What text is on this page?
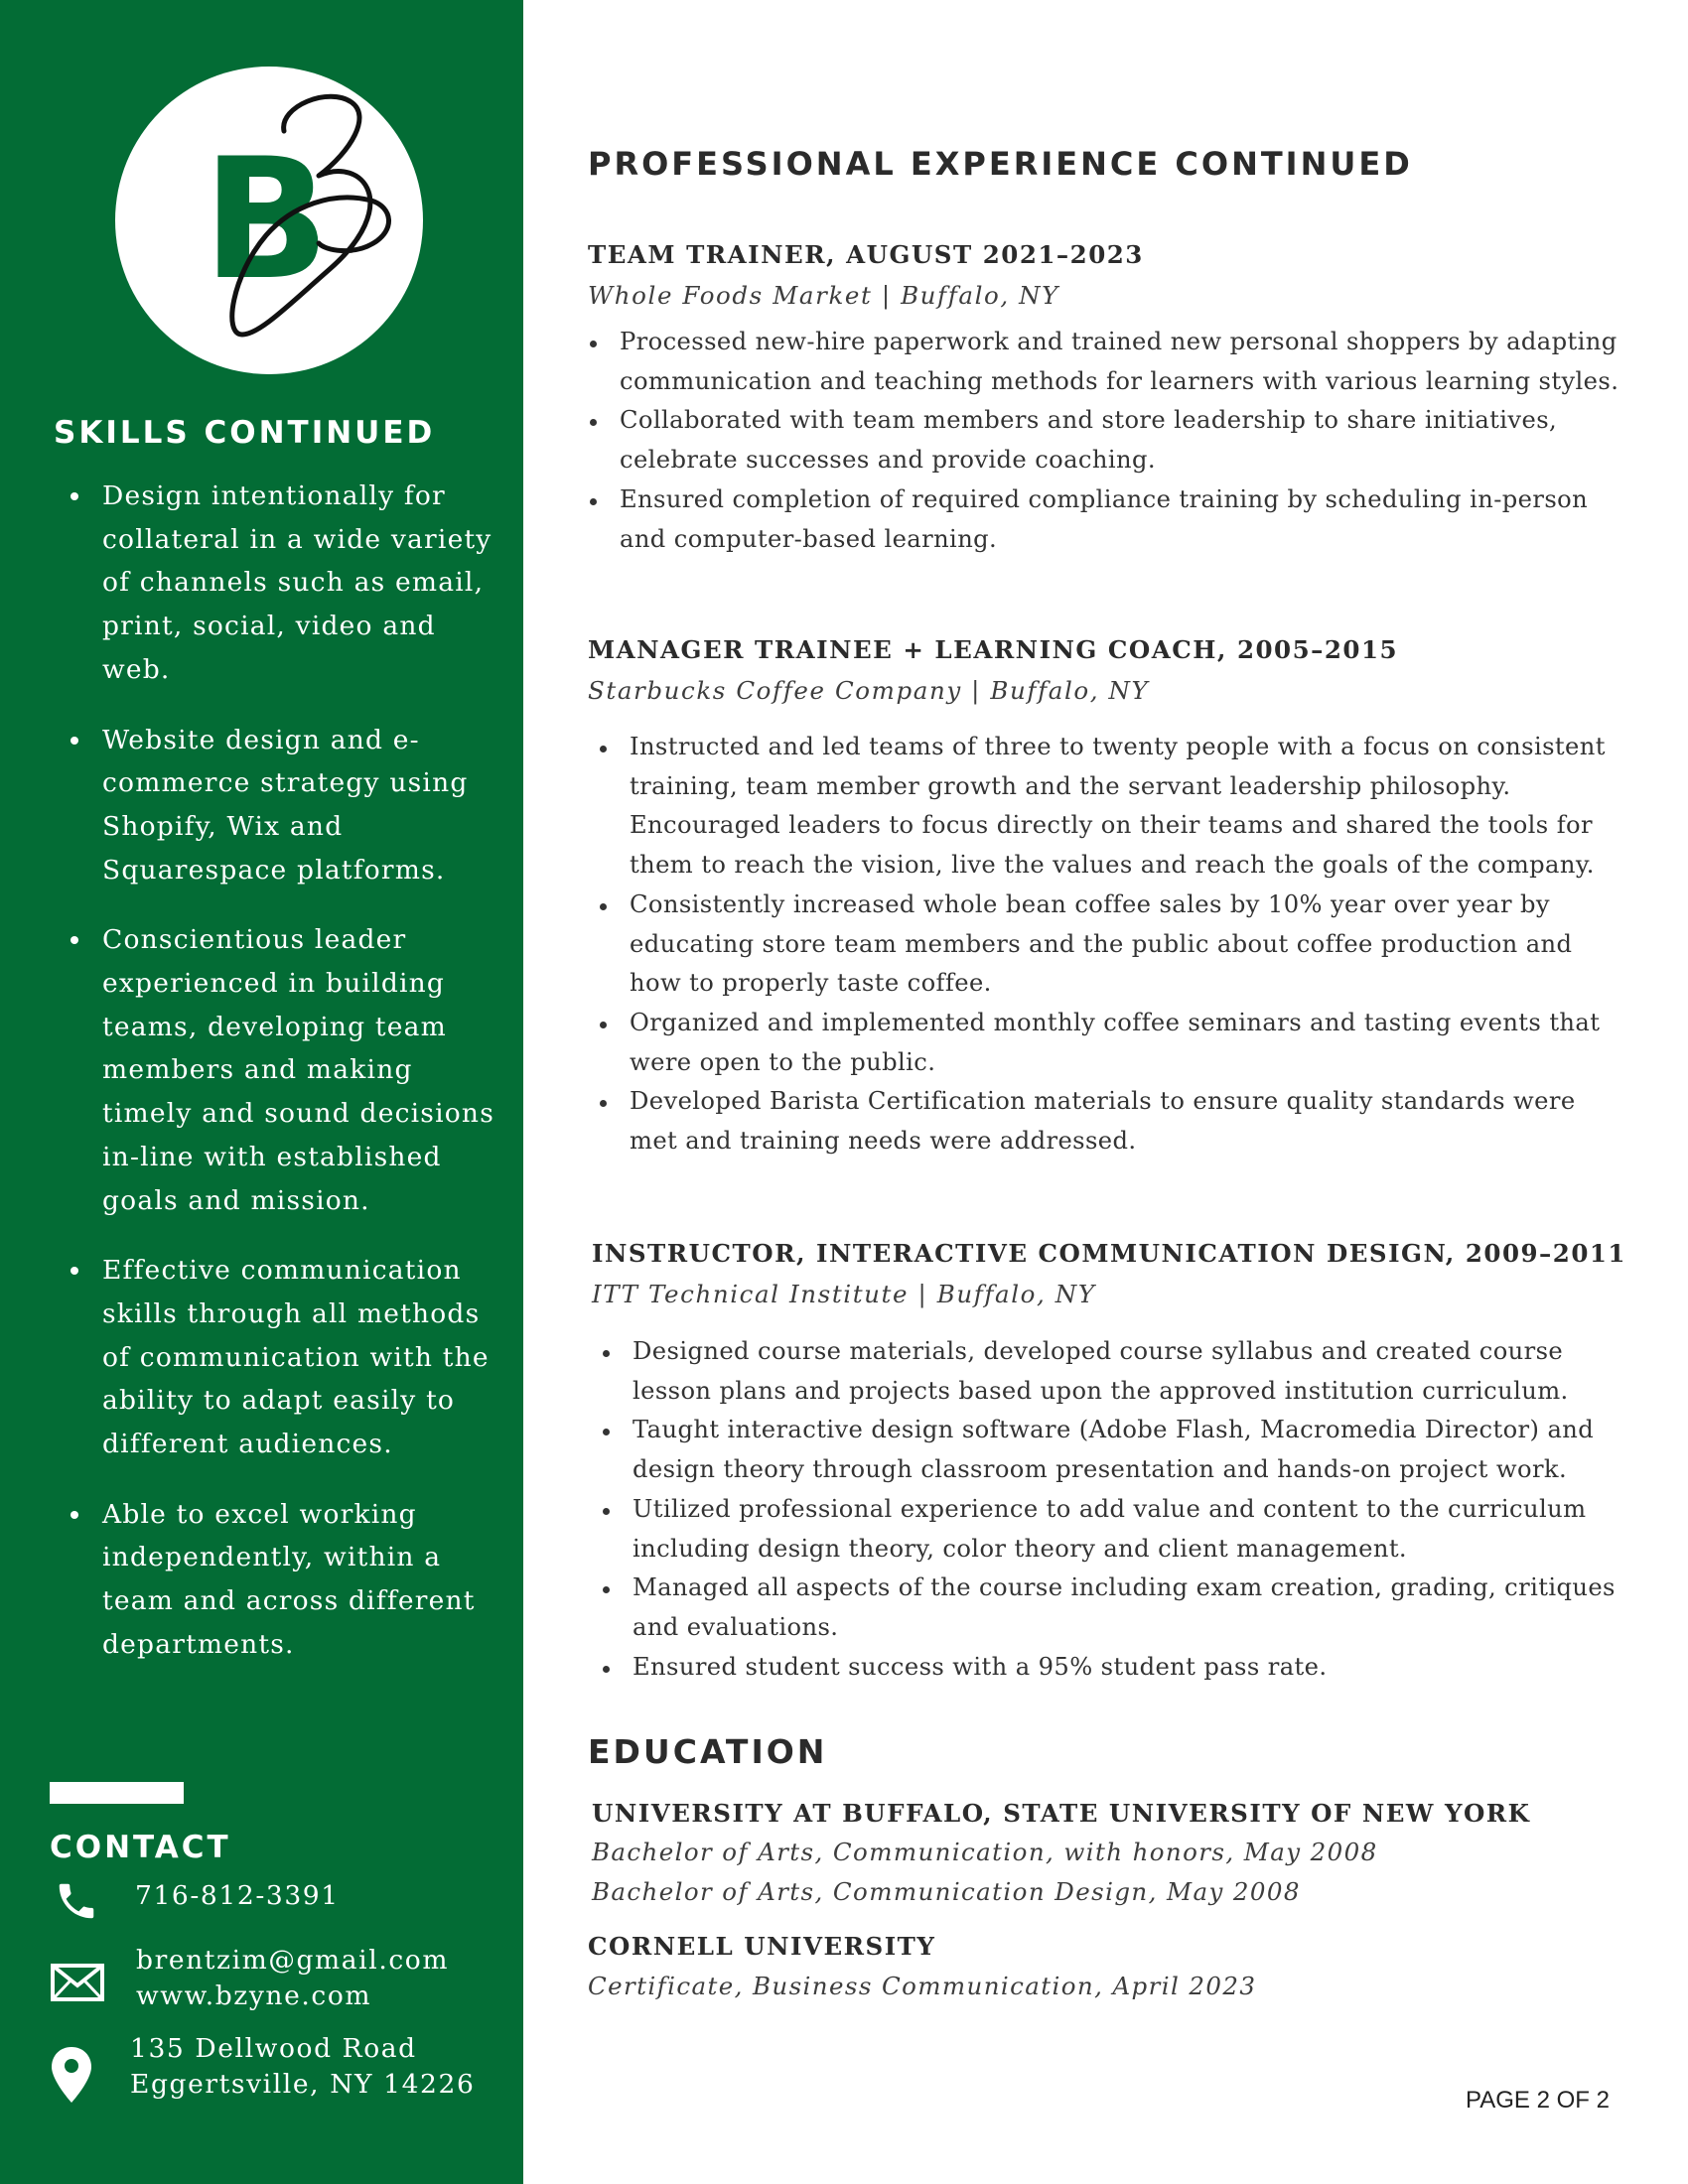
B
SKILLS CONTINUED
Design intentionally for collateral in a wide variety of channels such as email, print, social, video and web.
Website design and e-commerce strategy using Shopify, Wix and Squarespace platforms.
Conscientious leader experienced in building teams, developing team members and making timely and sound decisions in-line with established goals and mission.
Effective communication skills through all methods of communication with the ability to adapt easily to different audiences.
Able to excel working independently, within a team and across different departments.
CONTACT
716-812-3391
brentzim@gmail.com
www.bzyne.com
135 Dellwood Road
Eggertsville, NY 14226
PROFESSIONAL EXPERIENCE CONTINUED
TEAM TRAINER, AUGUST 2021–2023
Whole Foods Market | Buffalo, NY
Processed new-hire paperwork and trained new personal shoppers by adapting communication and teaching methods for learners with various learning styles.
Collaborated with team members and store leadership to share initiatives, celebrate successes and provide coaching.
Ensured completion of required compliance training by scheduling in-person and computer-based learning.
MANAGER TRAINEE + LEARNING COACH, 2005–2015
Starbucks Coffee Company | Buffalo, NY
Instructed and led teams of three to twenty people with a focus on consistent training, team member growth and the servant leadership philosophy. Encouraged leaders to focus directly on their teams and shared the tools for them to reach the vision, live the values and reach the goals of the company.
Consistently increased whole bean coffee sales by 10% year over year by educating store team members and the public about coffee production and how to properly taste coffee.
Organized and implemented monthly coffee seminars and tasting events that were open to the public.
Developed Barista Certification materials to ensure quality standards were met and training needs were addressed.
INSTRUCTOR, INTERACTIVE COMMUNICATION DESIGN, 2009–2011
ITT Technical Institute | Buffalo, NY
Designed course materials, developed course syllabus and created course lesson plans and projects based upon the approved institution curriculum.
Taught interactive design software (Adobe Flash, Macromedia Director) and design theory through classroom presentation and hands-on project work.
Utilized professional experience to add value and content to the curriculum including design theory, color theory and client management.
Managed all aspects of the course including exam creation, grading, critiques and evaluations.
Ensured student success with a 95% student pass rate.
EDUCATION
UNIVERSITY AT BUFFALO, STATE UNIVERSITY OF NEW YORK
Bachelor of Arts, Communication, with honors, May 2008
Bachelor of Arts, Communication Design, May 2008
CORNELL UNIVERSITY
Certificate, Business Communication, April 2023
PAGE 2 OF 2
